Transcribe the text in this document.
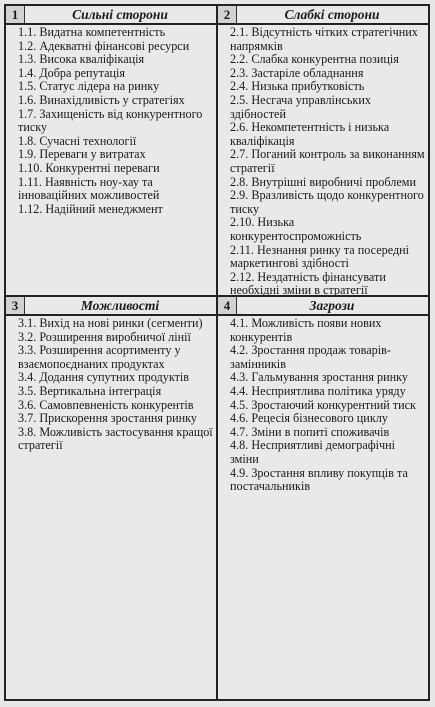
1	Сильні сторони

1.1. Видатна компетентність

1.2. Адекватні фінансові ресурси

1.3. Висока кваліфікація

1.4. Добра репутація

1.5. Статус лідера на ринку

1.6. Винахідливість у стратегіях

1.7. Захищеність від конкурентного тиску

1.8. Сучасні технології

1.9. Переваги у витратах

1.10. Конкурентні переваги

1.11. Наявність ноу-хау та інноваційних можливостей

1.12. Надійний менеджмент

2	Слабкі сторони

2.1. Відсутність чітких стратегічних напрямків

2.2. Слабка конкурентна позиція

2.3. Застаріле обладнання

2.4. Низька прибутковість

2.5. Несгача управлінських здібностей

2.6. Некомпетентність і низька кваліфікація

2.7. Поганий контроль за виконанням стратегії

2.8. Внутрішні виробничі проблеми

2.9. Вразливість щодо конкурентного тиску

2.10. Низька конкурентоспроможність

2.11. Незнання ринку та посередні маркетингові здібності

2.12. Нездатність фінансувати необхідні зміни в стратегії

3	Можливості

3.1. Вихід на нові ринки (сегменти)

3.2. Розширення виробничої лінії

3.3. Розширення асортименту у взаємопоєднаних продуктах

3.4. Додання супутних продуктів

3.5. Вертикальна інтеграція

3.6. Самовпевненість конкурентів

3.7. Прискорення зростання ринку

3.8. Можливість застосування кращої стратегії

4	Загрози

4.1. Можливість появи нових конкурентів

4.2. Зростання продаж товарів-замінників

4.3. Гальмування зростання ринку

4.4. Несприятлива політика уряду

4.5. Зростаючий конкурентний тиск

4.6. Рецесія бізнесового циклу

4.7. Зміни в попиті споживачів

4.8. Несприятливі демографічні зміни

4.9. Зростання впливу покупців та постачальників
